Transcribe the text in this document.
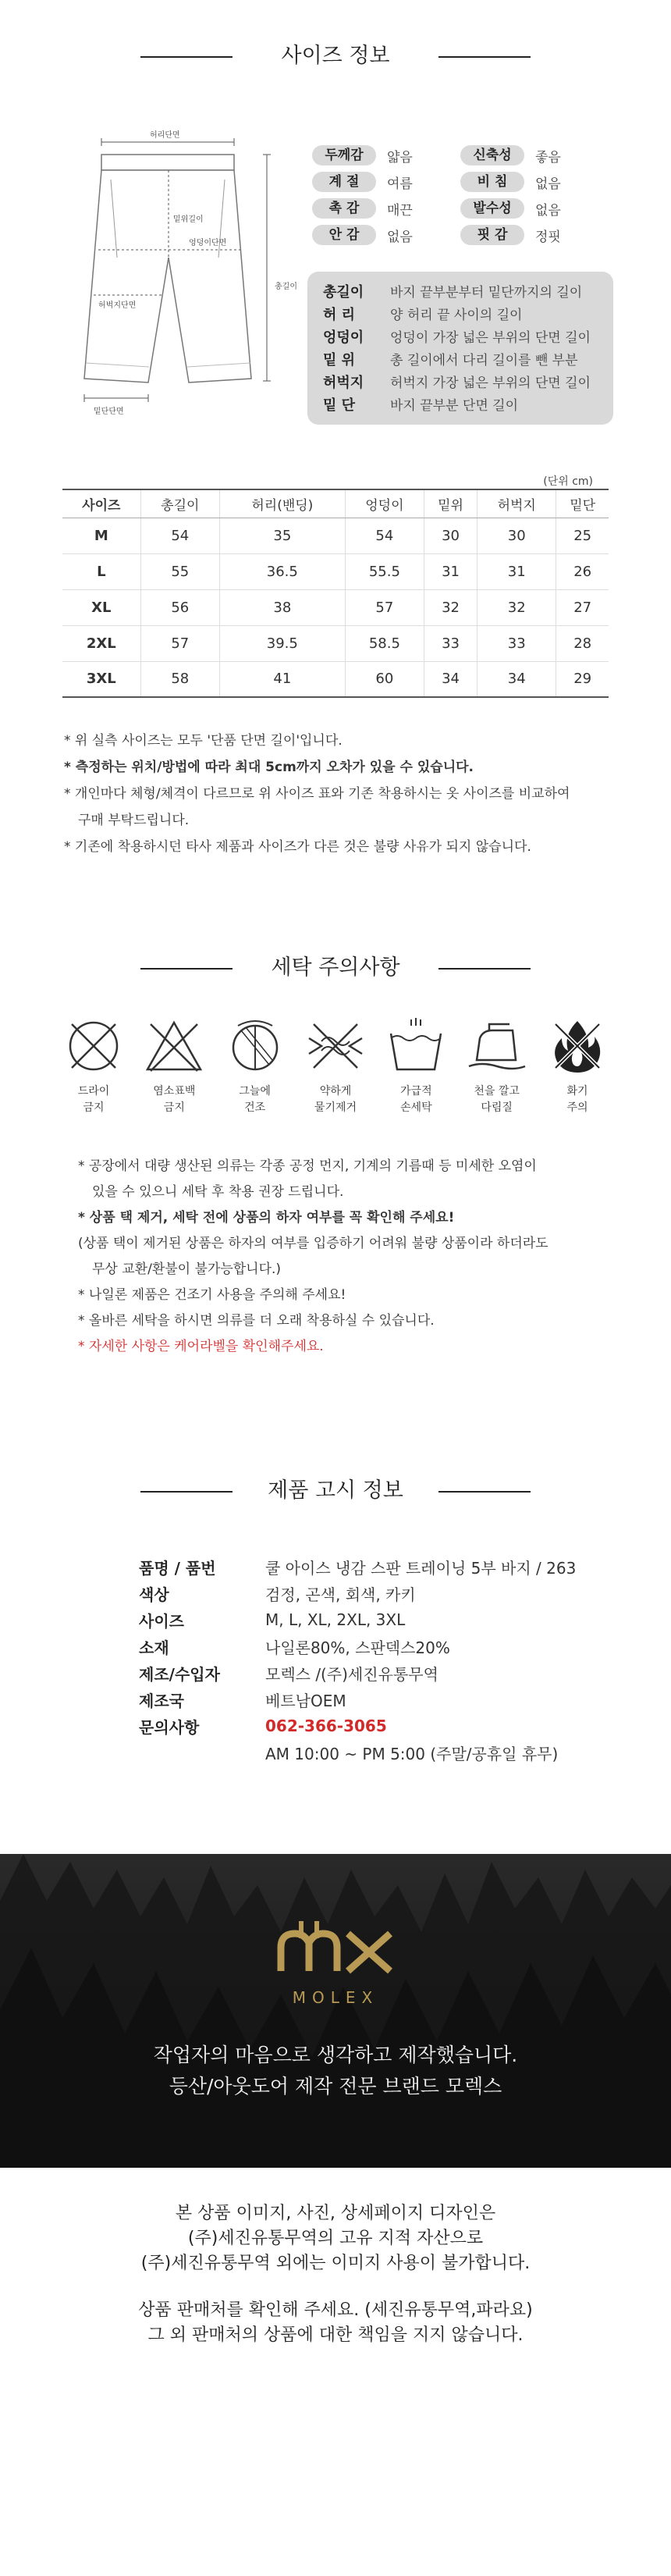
사이즈 정보
허리단면
밑위길이
엉덩이단면
허벅지단면
총길이
밑단단면
두께감	얇음	신축성	좋음
계 절	여름	비 침	없음
촉 감	매끈	발수성	없음
안 감	없음	핏 감	정핏
총길이	바지 끝부분부터 밑단까지의 길이
허 리	양 허리 끝 사이의 길이
엉덩이	엉덩이 가장 넓은 부위의 단면 길이
밑 위	총 길이에서 다리 길이를 뺀 부분
허벅지	허벅지 가장 넓은 부위의 단면 길이
밑 단	바지 끝부분 단면 길이
(단위 cm)
사이즈	총길이	허리(밴딩)	엉덩이	밑위	허벅지	밑단
M	54	35	54	30	30	25
L	55	36.5	55.5	31	31	26
XL	56	38	57	32	32	27
2XL	57	39.5	58.5	33	33	28
3XL	58	41	60	34	34	29
* 위 실측 사이즈는 모두 '단품 단면 길이'입니다.
* 측정하는 위치/방법에 따라 최대 5cm까지 오차가 있을 수 있습니다.
* 개인마다 체형/체격이 다르므로 위 사이즈 표와 기존 착용하시는 옷 사이즈를 비교하여
구매 부탁드립니다.
* 기존에 착용하시던 타사 제품과 사이즈가 다른 것은 불량 사유가 되지 않습니다.
세탁 주의사항
드라이
금지
염소표백
금지
그늘에
건조
약하게
물기제거
가급적
손세탁
천을 깔고
다림질
화기
주의
* 공장에서 대량 생산된 의류는 각종 공정 먼지, 기계의 기름때 등 미세한 오염이
있을 수 있으니 세탁 후 착용 권장 드립니다.
* 상품 택 제거, 세탁 전에 상품의 하자 여부를 꼭 확인해 주세요!
(상품 택이 제거된 상품은 하자의 여부를 입증하기 어려워 불량 상품이라 하더라도
무상 교환/환불이 불가능합니다.)
* 나일론 제품은 건조기 사용을 주의해 주세요!
* 올바른 세탁을 하시면 의류를 더 오래 착용하실 수 있습니다.
* 자세한 사항은 케어라벨을 확인해주세요.
제품 고시 정보
품명 / 품번	쿨 아이스 냉감 스판 트레이닝 5부 바지 / 263
색상	검정, 곤색, 회색, 카키
사이즈	M, L, XL, 2XL, 3XL
소재	나일론80%, 스판덱스20%
제조/수입자	모렉스 /(주)세진유통무역
제조국	베트남OEM
문의사항	062-366-3065
AM 10:00 ~ PM 5:00 (주말/공휴일 휴무)
MOLEX
작업자의 마음으로 생각하고 제작했습니다.
등산/아웃도어 제작 전문 브랜드 모렉스

본 상품 이미지, 사진, 상세페이지 디자인은
(주)세진유통무역의 고유 지적 자산으로
(주)세진유통무역 외에는 이미지 사용이 불가합니다.

상품 판매처를 확인해 주세요. (세진유통무역,파라요)
그 외 판매처의 상품에 대한 책임을 지지 않습니다.
